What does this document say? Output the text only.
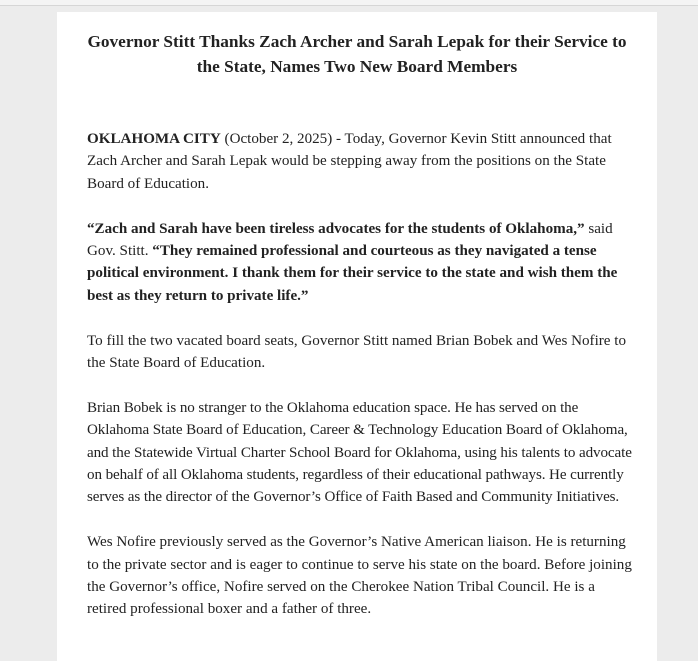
Governor Stitt Thanks Zach Archer and Sarah Lepak for their Service to the State, Names Two New Board Members

OKLAHOMA CITY (October 2, 2025) - Today, Governor Kevin Stitt announced that Zach Archer and Sarah Lepak would be stepping away from the positions on the State Board of Education.

“Zach and Sarah have been tireless advocates for the students of Oklahoma,” said Gov. Stitt. “They remained professional and courteous as they navigated a tense political environment. I thank them for their service to the state and wish them the best as they return to private life.”

To fill the two vacated board seats, Governor Stitt named Brian Bobek and Wes Nofire to the State Board of Education.

Brian Bobek is no stranger to the Oklahoma education space. He has served on the Oklahoma State Board of Education, Career & Technology Education Board of Oklahoma, and the Statewide Virtual Charter School Board for Oklahoma, using his talents to advocate on behalf of all Oklahoma students, regardless of their educational pathways. He currently serves as the director of the Governor’s Office of Faith Based and Community Initiatives.

Wes Nofire previously served as the Governor’s Native American liaison. He is returning to the private sector and is eager to continue to serve his state on the board. Before joining the Governor’s office, Nofire served on the Cherokee Nation Tribal Council. He is a retired professional boxer and a father of three.
